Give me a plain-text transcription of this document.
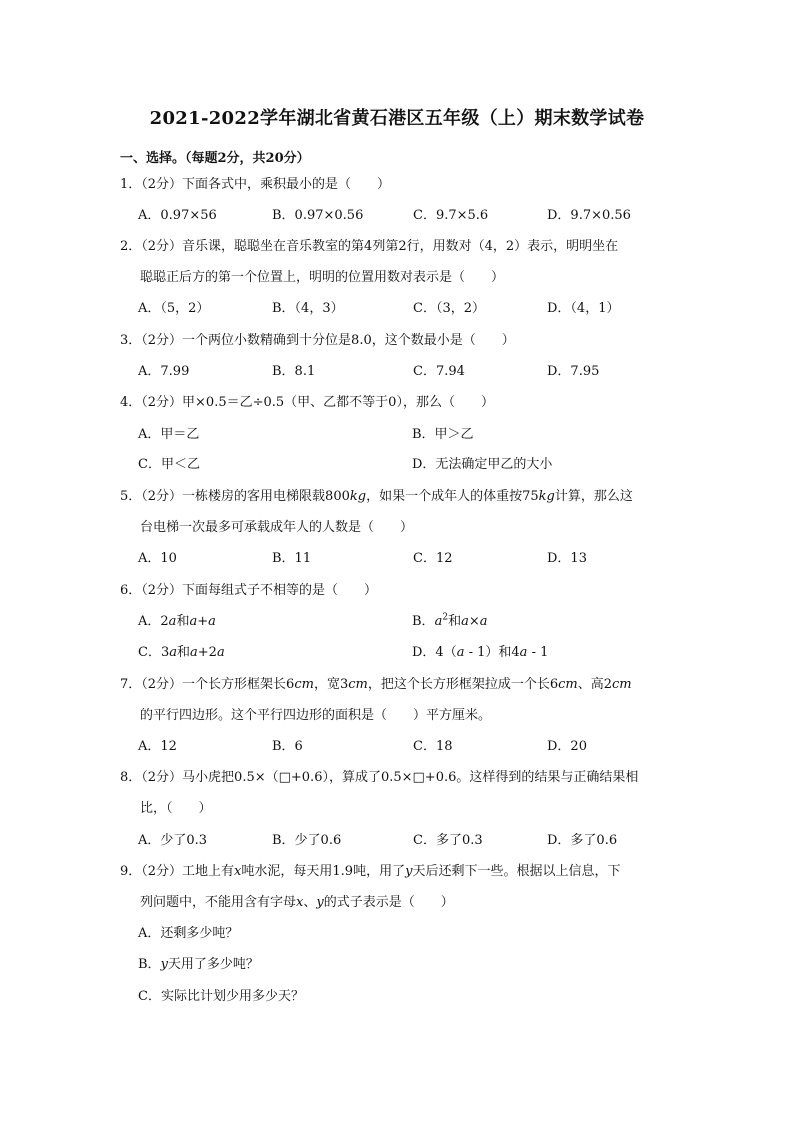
2021-2022学年湖北省黄石港区五年级（上）期末数学试卷
一、选择。（每题2分，共20分）
1．（2分）下面各式中，乘积最小的是（　　）
A．0.97×56	B．0.97×0.56	C．9.7×5.6	D．9.7×0.56
2．（2分）音乐课，聪聪坐在音乐教室的第4列第2行，用数对（4，2）表示，明明坐在
聪聪正后方的第一个位置上，明明的位置用数对表示是（　　）
A．（5，2）	B．（4，3）	C．（3，2）	D．（4，1）
3．（2分）一个两位小数精确到十分位是8.0，这个数最小是（　　）
A．7.99	B．8.1	C．7.94	D．7.95
4．（2分）甲×0.5＝乙÷0.5（甲、乙都不等于0），那么（　　）
A．甲＝乙	B．甲＞乙
C．甲＜乙	D．无法确定甲乙的大小
5．（2分）一栋楼房的客用电梯限载800kg，如果一个成年人的体重按75kg计算，那么这
台电梯一次最多可承载成年人的人数是（　　）
A．10	B．11	C．12	D．13
6．（2分）下面每组式子不相等的是（　　）
A．2a和a+a	B．$a^2$和a×a
C．3a和a+2a	D．4（a - 1）和4a - 1
7．（2分）一个长方形框架长6cm，宽3cm，把这个长方形框架拉成一个长6cm、高2cm
的平行四边形。这个平行四边形的面积是（　　）平方厘米。
A．12	B．6	C．18	D．20
8．（2分）马小虎把0.5×（□+0.6），算成了0.5×□+0.6。这样得到的结果与正确结果相
比，（　　）
A．少了0.3	B．少了0.6	C．多了0.3	D．多了0.6
9．（2分）工地上有x吨水泥，每天用1.9吨，用了y天后还剩下一些。根据以上信息，下
列问题中，不能用含有字母x、y的式子表示是（　　）
A．还剩多少吨？
B．y天用了多少吨？
C．实际比计划少用多少天？
